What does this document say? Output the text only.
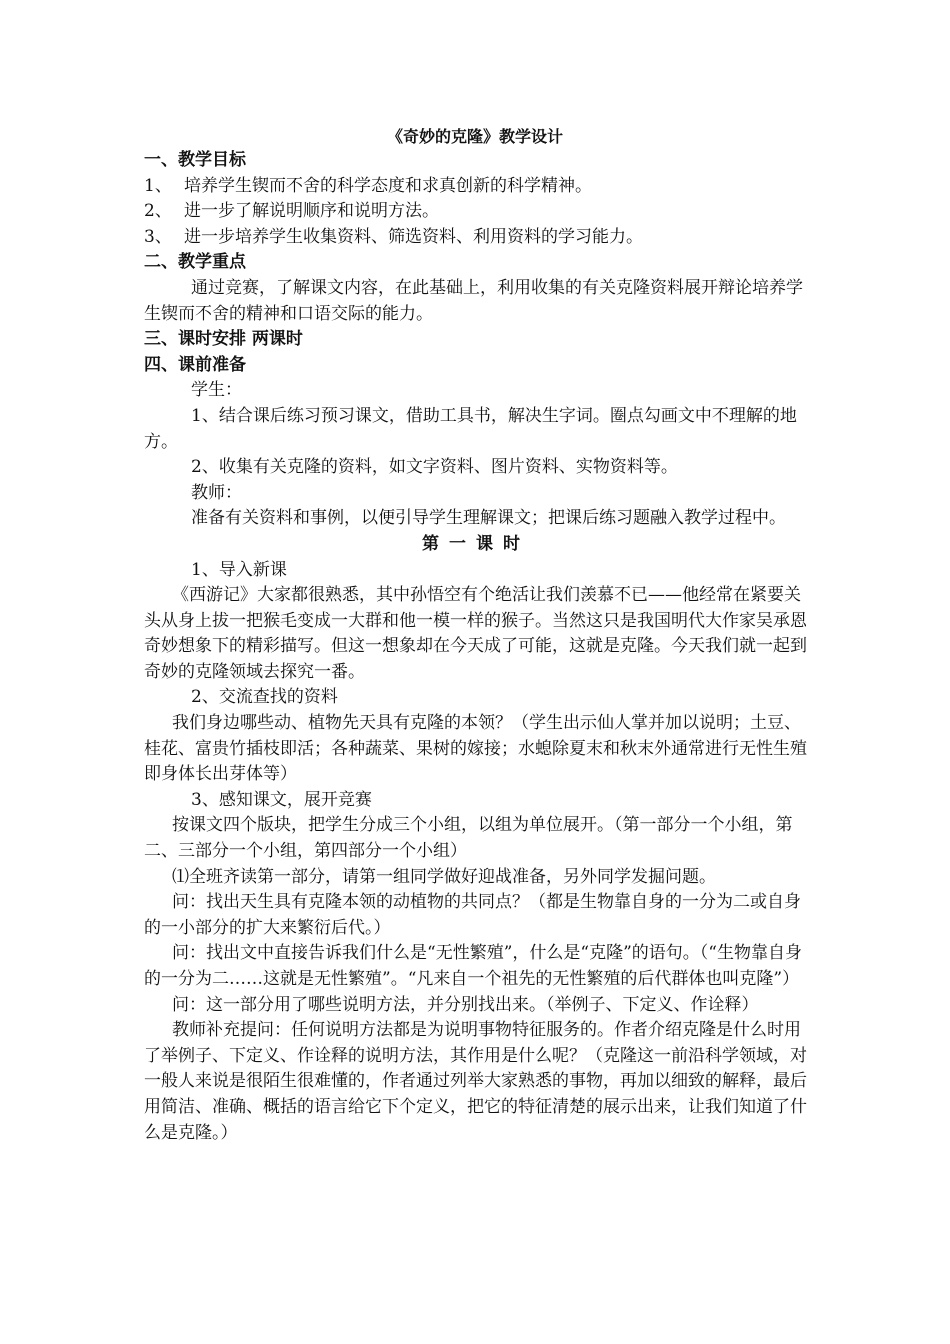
《奇妙的克隆》教学设计

一、教学目标

1、 培养学生锲而不舍的科学态度和求真创新的科学精神。

2、 进一步了解说明顺序和说明方法。

3、 进一步培养学生收集资料、筛选资料、利用资料的学习能力。

二、教学重点

通过竞赛，了解课文内容，在此基础上，利用收集的有关克隆资料展开辩论培养学生锲而不舍的精神和口语交际的能力。

三、课时安排 两课时

四、课前准备

学生：

1、结合课后练习预习课文，借助工具书，解决生字词。圈点勾画文中不理解的地方。

2、收集有关克隆的资料，如文字资料、图片资料、实物资料等。

教师：

准备有关资料和事例，以便引导学生理解课文；把课后练习题融入教学过程中。

第一课时

1、导入新课

《西游记》大家都很熟悉，其中孙悟空有个绝活让我们羡慕不已——他经常在紧要关头从身上拔一把猴毛变成一大群和他一模一样的猴子。当然这只是我国明代大作家吴承恩奇妙想象下的精彩描写。但这一想象却在今天成了可能，这就是克隆。今天我们就一起到奇妙的克隆领域去探究一番。

2、交流查找的资料

我们身边哪些动、植物先天具有克隆的本领？（学生出示仙人掌并加以说明；土豆、桂花、富贵竹插枝即活；各种蔬菜、果树的嫁接；水螅除夏末和秋末外通常进行无性生殖即身体长出芽体等）

3、感知课文，展开竞赛

按课文四个版块，把学生分成三个小组，以组为单位展开。（第一部分一个小组，第二、三部分一个小组，第四部分一个小组）

⑴全班齐读第一部分，请第一组同学做好迎战准备，另外同学发掘问题。

问：找出天生具有克隆本领的动植物的共同点？（都是生物靠自身的一分为二或自身的一小部分的扩大来繁衍后代。）

问：找出文中直接告诉我们什么是“无性繁殖”，什么是“克隆”的语句。（“生物靠自身的一分为二……这就是无性繁殖”。“凡来自一个祖先的无性繁殖的后代群体也叫克隆”）

问：这一部分用了哪些说明方法，并分别找出来。（举例子、下定义、作诠释）

教师补充提问：任何说明方法都是为说明事物特征服务的。作者介绍克隆是什么时用了举例子、下定义、作诠释的说明方法，其作用是什么呢？（克隆这一前沿科学领域，对一般人来说是很陌生很难懂的，作者通过列举大家熟悉的事物，再加以细致的解释，最后用简洁、准确、概括的语言给它下个定义，把它的特征清楚的展示出来，让我们知道了什么是克隆。）
